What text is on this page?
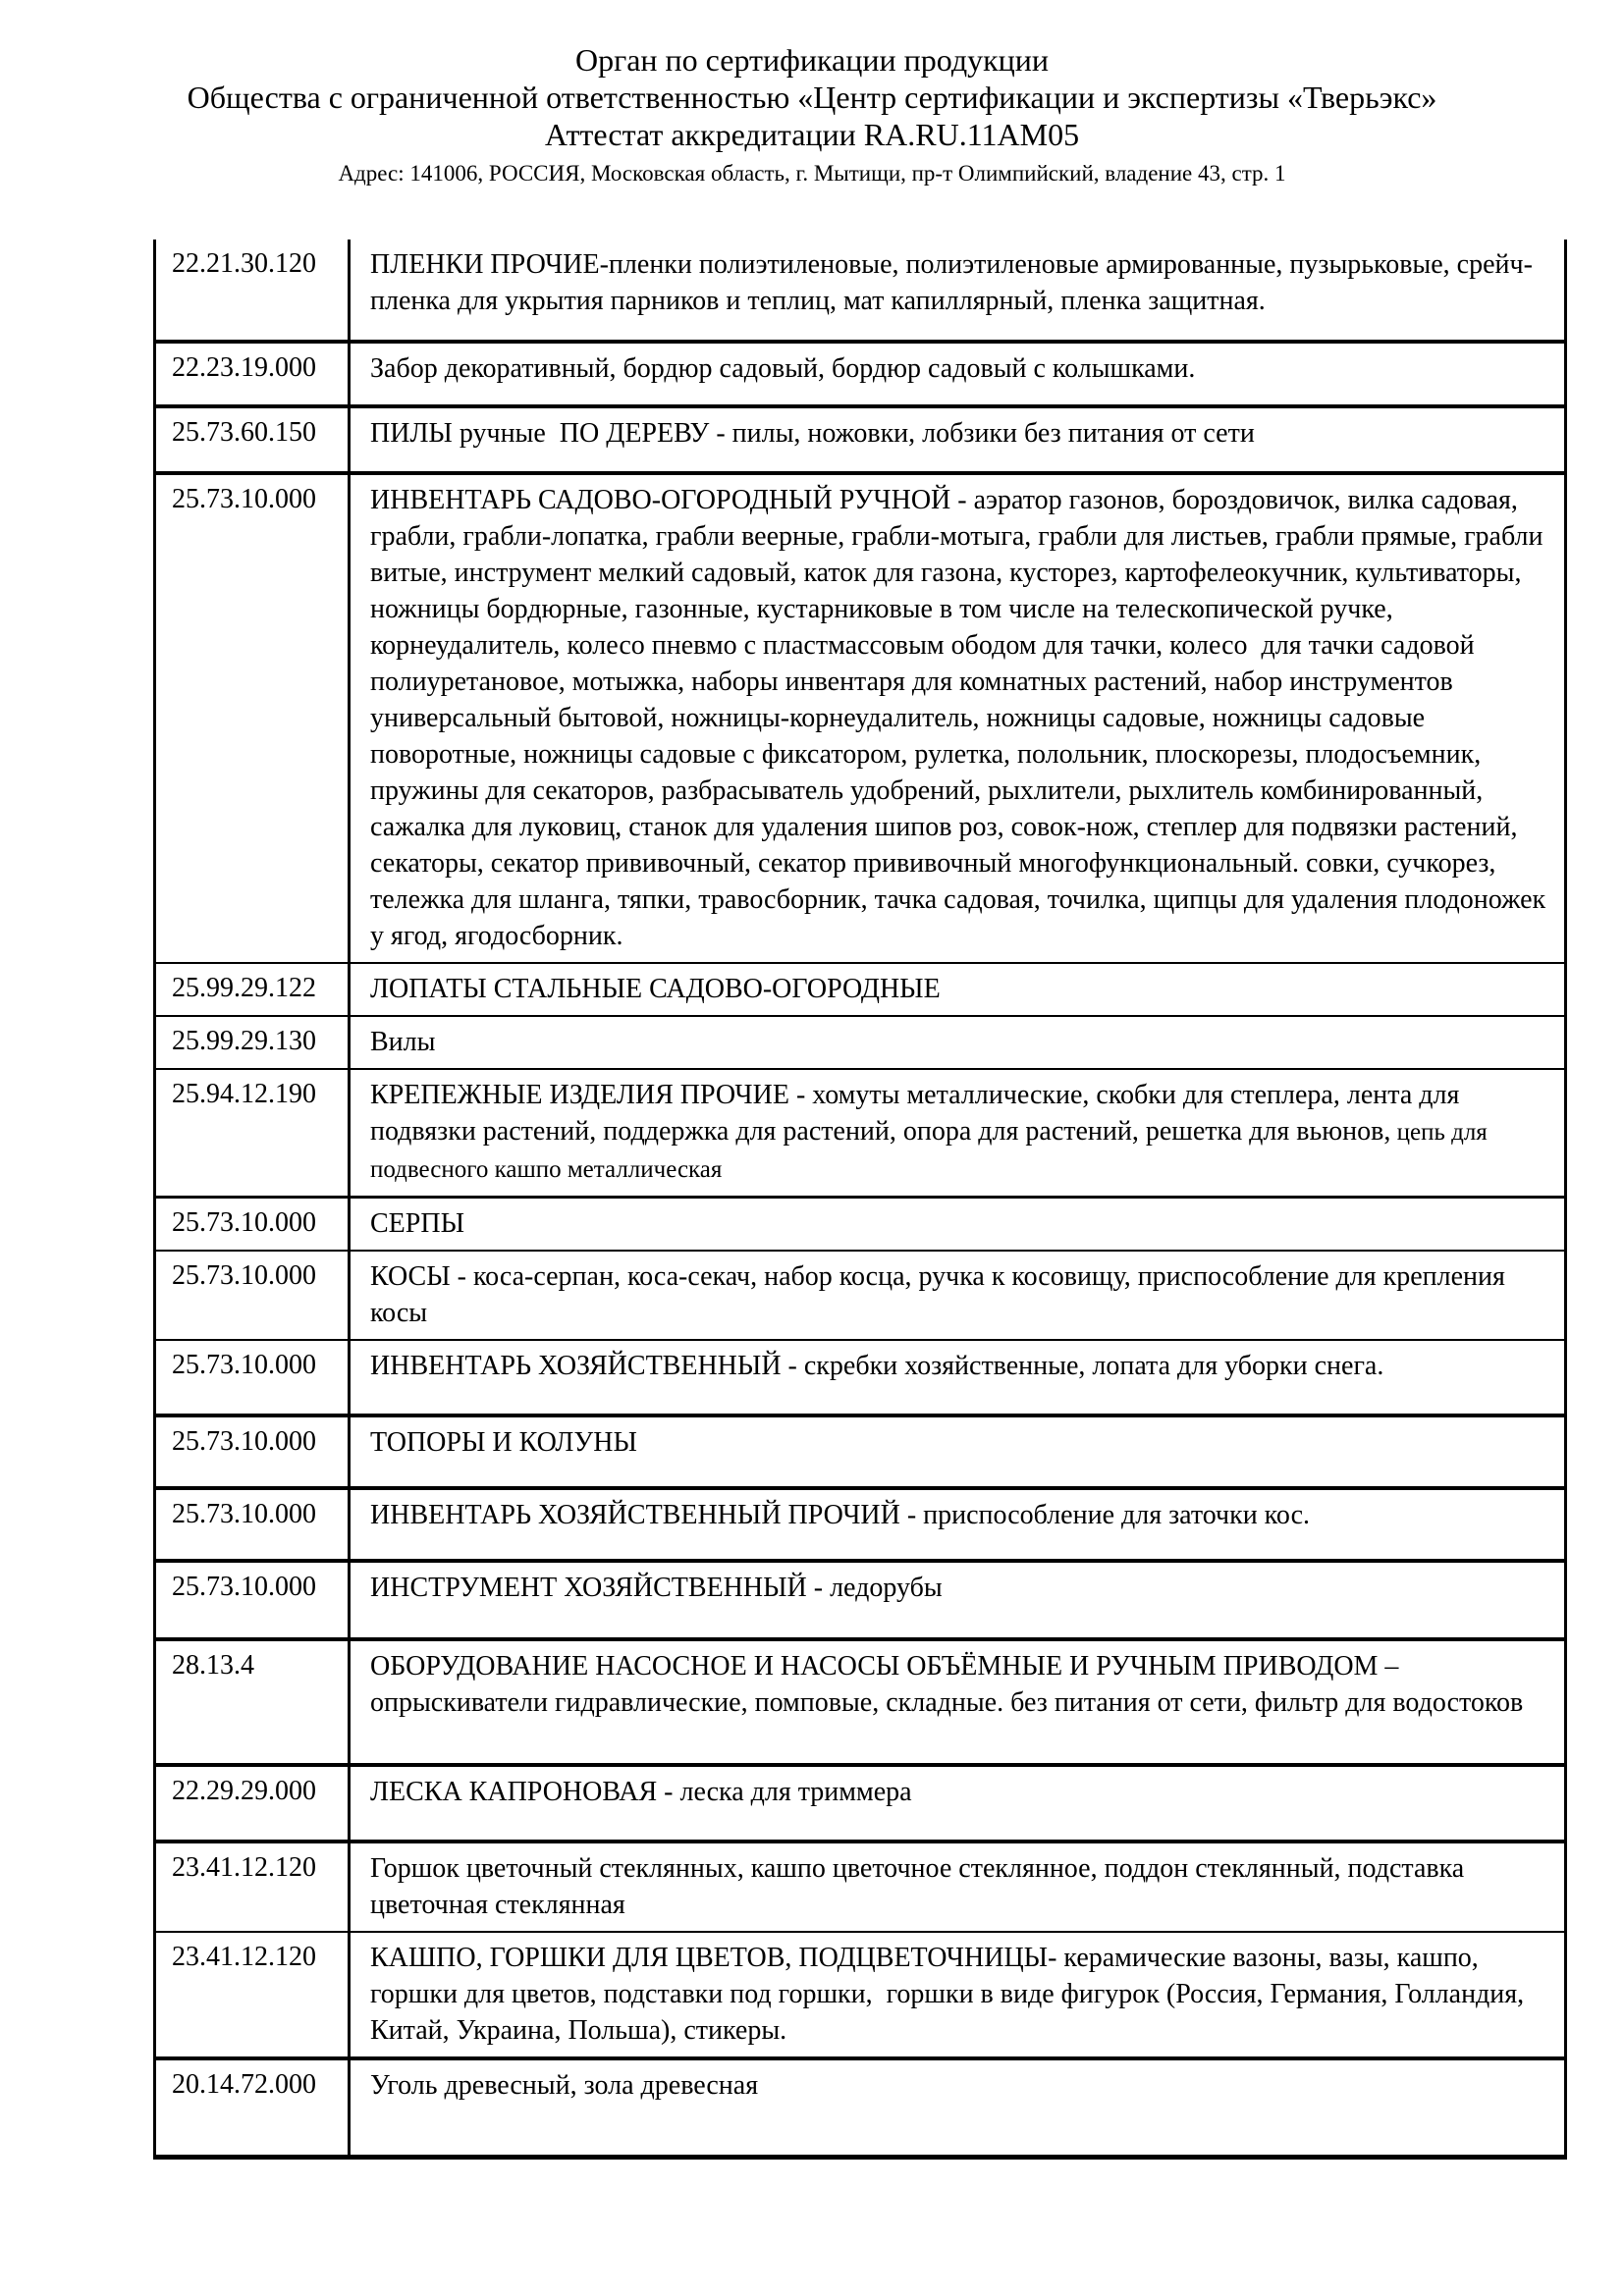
Орган по сертификации продукции
Общества с ограниченной ответственностью «Центр сертификации и экспертизы «Тверьэкс»
Аттестат аккредитации RA.RU.11АМ05
Адрес: 141006, РОССИЯ, Московская область, г. Мытищи, пр-т Олимпийский, владение 43, стр. 1
22.21.30.120	ПЛЕНКИ ПРОЧИЕ-пленки полиэтиленовые, полиэтиленовые армированные, пузырьковые, срейч-пленка для укрытия парников и теплиц, мат капиллярный, пленка защитная.
22.23.19.000	Забор декоративный, бордюр садовый, бордюр садовый с колышками.
25.73.60.150	ПИЛЫ ручные  ПО ДЕРЕВУ - пилы, ножовки, лобзики без питания от сети
25.73.10.000	ИНВЕНТАРЬ САДОВО-ОГОРОДНЫЙ РУЧНОЙ - аэратор газонов, бороздовичок, вилка садовая, грабли, грабли-лопатка, грабли веерные, грабли-мотыга, грабли для листьев, грабли прямые, грабли витые, инструмент мелкий садовый, каток для газона, кусторез, картофелеокучник, культиваторы, ножницы бордюрные, газонные, кустарниковые в том числе на телескопической ручке, корнеудалитель, колесо пневмо с пластмассовым ободом для тачки, колесо  для тачки садовой полиуретановое, мотыжка, наборы инвентаря для комнатных растений, набор инструментов универсальный бытовой, ножницы-корнеудалитель, ножницы садовые, ножницы садовые поворотные, ножницы садовые с фиксатором, рулетка, полольник, плоскорезы, плодосъемник, пружины для секаторов, разбрасыватель удобрений, рыхлители, рыхлитель комбинированный, сажалка для луковиц, станок для удаления шипов роз, совок-нож, степлер для подвязки растений, секаторы, секатор прививочный, секатор прививочный многофункциональный. совки, сучкорез, тележка для шланга, тяпки, травосборник, тачка садовая, точилка, щипцы для удаления плодоножек у ягод, ягодосборник.
25.99.29.122	ЛОПАТЫ СТАЛЬНЫЕ САДОВО-ОГОРОДНЫЕ
25.99.29.130	Вилы
25.94.12.190	КРЕПЕЖНЫЕ ИЗДЕЛИЯ ПРОЧИЕ - хомуты металлические, скобки для степлера, лента для подвязки растений, поддержка для растений, опора для растений, решетка для вьюнов, цепь для подвесного кашпо металлическая
25.73.10.000	СЕРПЫ
25.73.10.000	КОСЫ - коса-серпан, коса-секач, набор косца, ручка к косовищу, приспособление для крепления косы
25.73.10.000	ИНВЕНТАРЬ ХОЗЯЙСТВЕННЫЙ - скребки хозяйственные, лопата для уборки снега.
25.73.10.000	ТОПОРЫ И КОЛУНЫ
25.73.10.000	ИНВЕНТАРЬ ХОЗЯЙСТВЕННЫЙ ПРОЧИЙ - приспособление для заточки кос.
25.73.10.000	ИНСТРУМЕНТ ХОЗЯЙСТВЕННЫЙ - ледорубы
28.13.4	ОБОРУДОВАНИЕ НАСОСНОЕ И НАСОСЫ ОБЪЁМНЫЕ И РУЧНЫМ ПРИВОДОМ – опрыскиватели гидравлические, помповые, складные. без питания от сети, фильтр для водостоков
22.29.29.000	ЛЕСКА КАПРОНОВАЯ - леска для триммера
23.41.12.120	Горшок цветочный стеклянных, кашпо цветочное стеклянное, поддон стеклянный, подставка цветочная стеклянная
23.41.12.120	КАШПО, ГОРШКИ ДЛЯ ЦВЕТОВ, ПОДЦВЕТОЧНИЦЫ- керамические вазоны, вазы, кашпо, горшки для цветов, подставки под горшки,  горшки в виде фигурок (Россия, Германия, Голландия, Китай, Украина, Польша), стикеры.
20.14.72.000	Уголь древесный, зола древесная
